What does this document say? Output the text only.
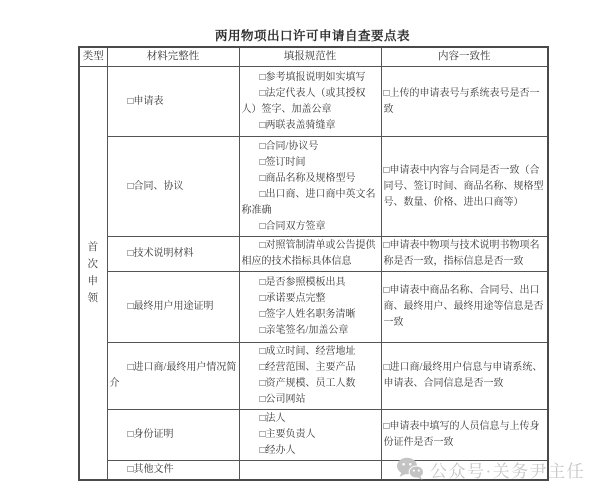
两用物项出口许可申请自查要点表
类型	材料完整性	填报规范性	内容一致性
首次申领	□申请表	□参考填报说明如实填写
□法定代表人（或其授权人）签字、加盖公章
□两联表盖骑缝章	□上传的申请表号与系统表号是否一致

	□合同、协议	□合同/协议号
□签订时间
□商品名称及规格型号
□出口商、进口商中英文名称准确
□合同双方签章	□申请表中内容与合同是否一致（合同号、签订时间、商品名称、规格型号、数量、价格、进出口商等）

	□技术说明材料	□对照管制清单或公告提供相应的技术指标具体信息	□申请表中物项与技术说明书物项名称是否一致，指标信息是否一致

	□最终用户用途证明	□是否参照模板出具
□承诺要点完整
□签字人姓名职务清晰
□亲笔签名/加盖公章	□申请表中商品名称、合同号、出口商、最终用户、最终用途等信息是否一致

	□进口商/最终用户情况简介	□成立时间、经营地址
□经营范围、主要产品
□资产规模、员工人数
□公司网站	□进口商/最终用户信息与申请系统、申请表、合同信息是否一致

	□身份证明	□法人
□主要负责人
□经办人	□申请表中填写的人员信息与上传身份证件是否一致

	□其他文件		
			公众号·关务尹主任
